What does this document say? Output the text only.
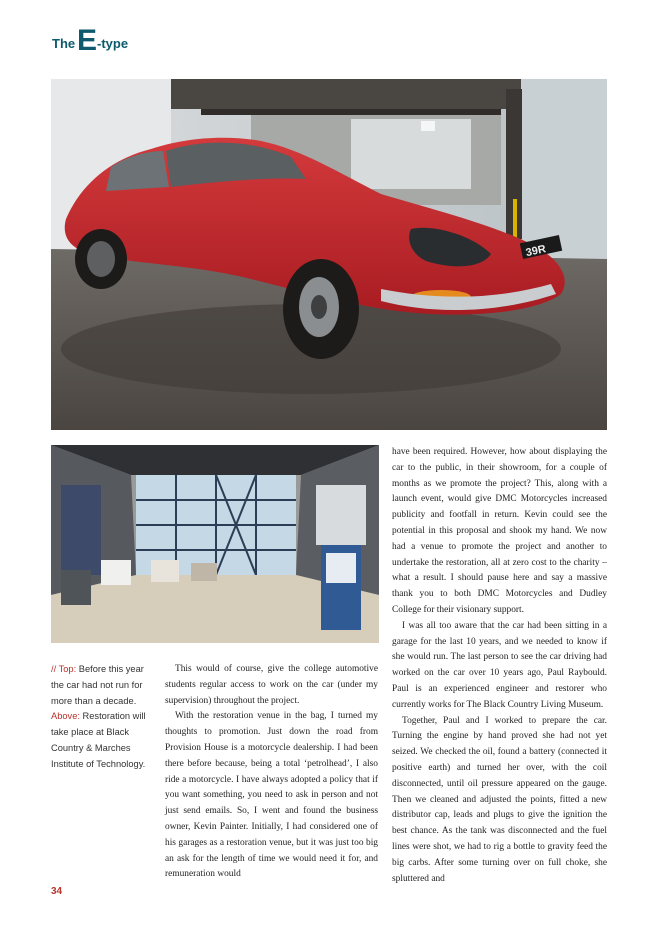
The E -type
39R
// Top: Before this year the car had not run for more than a decade. Above: Restoration will take place at Black Country & Marches Institute of Technology.

This would of course, give the college automotive students regular access to work on the car (under my supervision) throughout the project.

With the restoration venue in the bag, I turned my thoughts to promotion. Just down the road from Provision House is a motorcycle dealership. I had been there before because, being a total ‘petrolhead’, I also ride a motorcycle. I have always adopted a policy that if you want something, you need to ask in person and not just send emails. So, I went and found the business owner, Kevin Painter. Initially, I had considered one of his garages as a restoration venue, but it was just too big an ask for the length of time we would need it for, and remuneration would

have been required. However, how about displaying the car to the public, in their showroom, for a couple of months as we promote the project? This, along with a launch event, would give DMC Motorcycles increased publicity and footfall in return. Kevin could see the potential in this proposal and shook my hand. We now had a venue to promote the project and another to undertake the restoration, all at zero cost to the charity – what a result. I should pause here and say a massive thank you to both DMC Motorcycles and Dudley College for their visionary support.

I was all too aware that the car had been sitting in a garage for the last 10 years, and we needed to know if she would run. The last person to see the car driving had worked on the car over 10 years ago, Paul Raybould. Paul is an experienced engineer and restorer who currently works for The Black Country Living Museum.

Together, Paul and I worked to prepare the car. Turning the engine by hand proved she had not yet seized. We checked the oil, found a battery (connected it positive earth) and turned her over, with the coil disconnected, until oil pressure appeared on the gauge. Then we cleaned and adjusted the points, fitted a new distributor cap, leads and plugs to give the ignition the best chance. As the tank was disconnected and the fuel lines were shot, we had to rig a bottle to gravity feed the big carbs. After some turning over on full choke, she spluttered and

34
